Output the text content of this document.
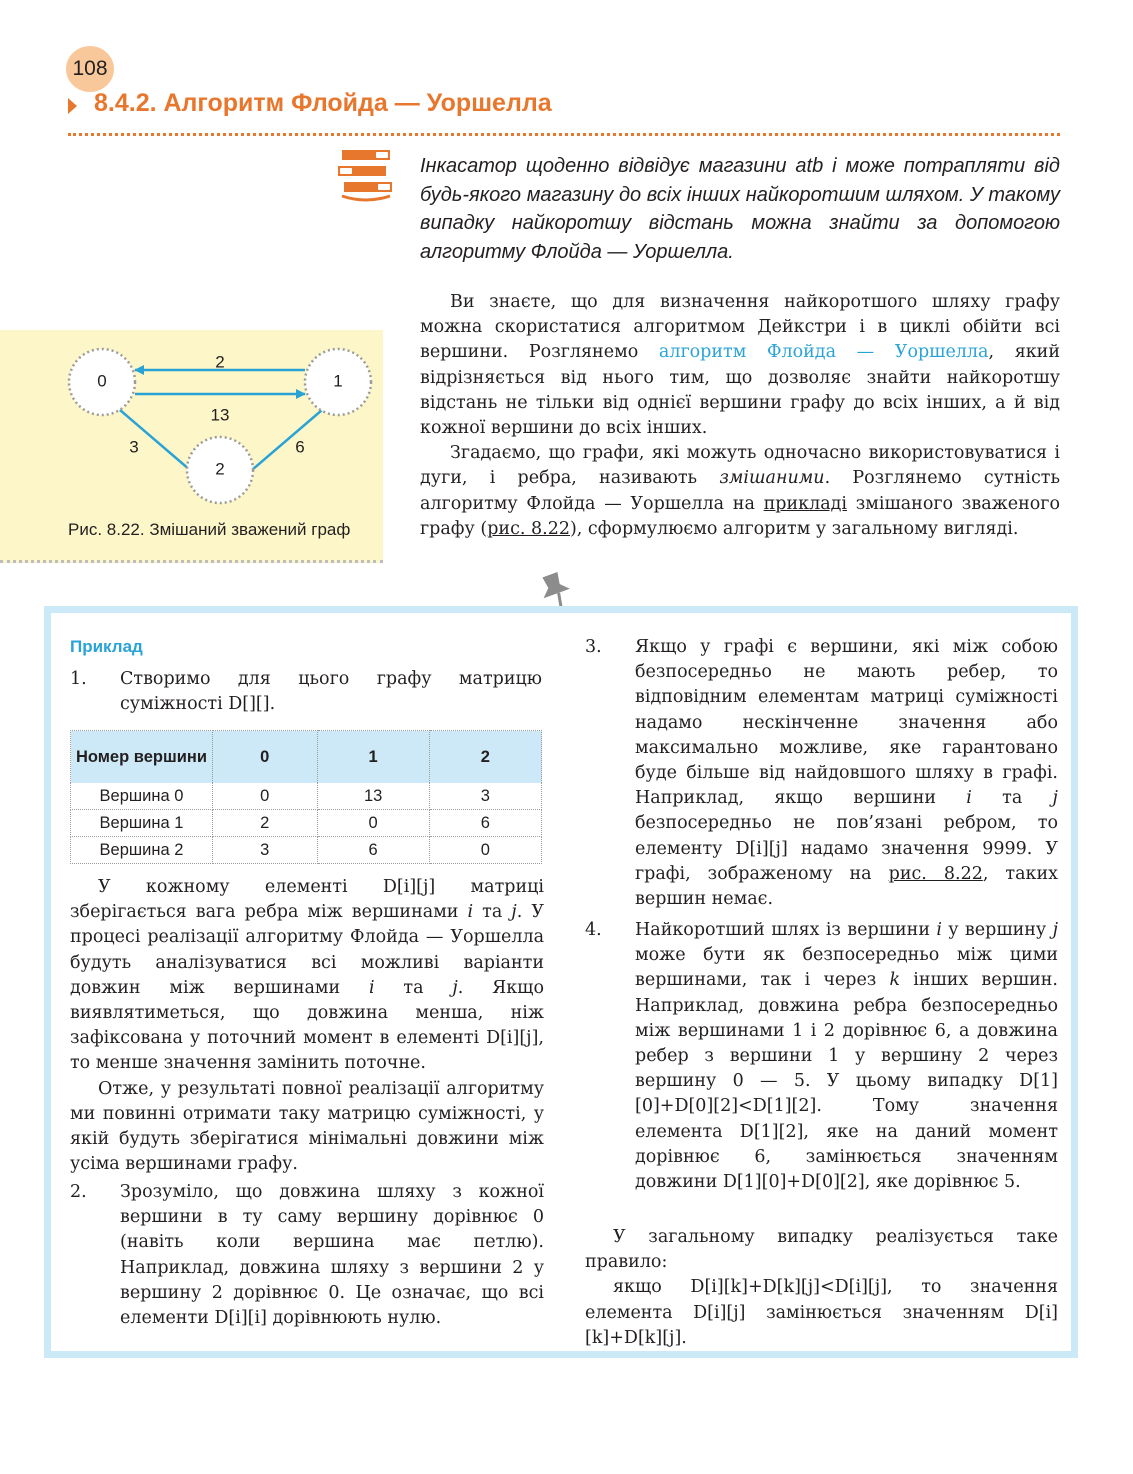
108
8.4.2. Алгоритм Флойда — Уоршелла

Інкасатор щоденно відвідує магазини atb і може потрапляти від будь-якого магазину до всіх інших найкоротшим шляхом. У такому випадку найкоротшу відстань можна знайти за допомогою алгоритму Флойда — Уоршелла.

0	1
2
2
13
3	6
Рис. 8.22. Змішаний зважений граф

Ви знаєте, що для визначення найкоротшого шляху графу можна скористатися алгоритмом Дейкстри і в циклі обійти всі вершини. Розглянемо алгоритм Флойда — Уоршелла, який відрізняється від нього тим, що дозволяє знайти найкоротшу відстань не тільки від однієї вершини графу до всіх інших, а й від кожної вершини до всіх інших.

Згадаємо, що графи, які можуть одночасно використовуватися і дуги, і ребра, називають змішаними. Розглянемо сутність алгоритму Флойда — Уоршелла на прикладі змішаного зваженого графу (рис. 8.22), сформулюємо алгоритм у загальному вигляді.

Приклад
1. Створимо для цього графу матрицю суміжності D[][].

Номер вершини	0	1	2
Вершина 0	0	13	3
Вершина 1	2	0	6
Вершина 2	3	6	0

У кожному елементі D[i][j] матриці зберігається вага ребра між вершинами i та j. У процесі реалізації алгоритму Флойда — Уоршелла будуть аналізуватися всі можливі варіанти довжин між вершинами i та j. Якщо виявлятиметься, що довжина менша, ніж зафіксована у поточний момент в елементі D[i][j], то менше значення замінить поточне.

Отже, у результаті повної реалізації алгоритму ми повинні отримати таку матрицю суміжності, у якій будуть зберігатися мінімальні довжини між усіма вершинами графу.

2. Зрозуміло, що довжина шляху з кожної вершини в ту саму вершину дорівнює 0 (навіть коли вершина має петлю). Наприклад, довжина шляху з вершини 2 у вершину 2 дорівнює 0. Це означає, що всі елементи D[i][i] дорівнюють нулю.

3. Якщо у графі є вершини, які між собою безпосередньо не мають ребер, то відповідним елементам матриці суміжності надамо нескінченне значення або максимально можливе, яке гарантовано буде більше від найдовшого шляху в графі. Наприклад, якщо вершини i та j безпосередньо не пов’язані ребром, то елементу D[i][j] надамо значення 9999. У графі, зображеному на рис. 8.22, таких вершин немає.

4. Найкоротший шлях із вершини i у вершину j може бути як безпосередньо між цими вершинами, так і через k інших вершин. Наприклад, довжина ребра безпосередньо між вершинами 1 і 2 дорівнює 6, а довжина ребер з вершини 1 у вершину 2 через вершину 0 — 5. У цьому випадку D[1][0]+D[0][2]<D[1][2]. Тому значення елемента D[1][2], яке на даний момент дорівнює 6, замінюється значенням довжини D[1][0]+D[0][2], яке дорівнює 5.

У загальному випадку реалізується таке правило:

якщо D[i][k]+D[k][j]<D[i][j], то значення елемента D[i][j] замінюється значенням D[i][k]+D[k][j].
